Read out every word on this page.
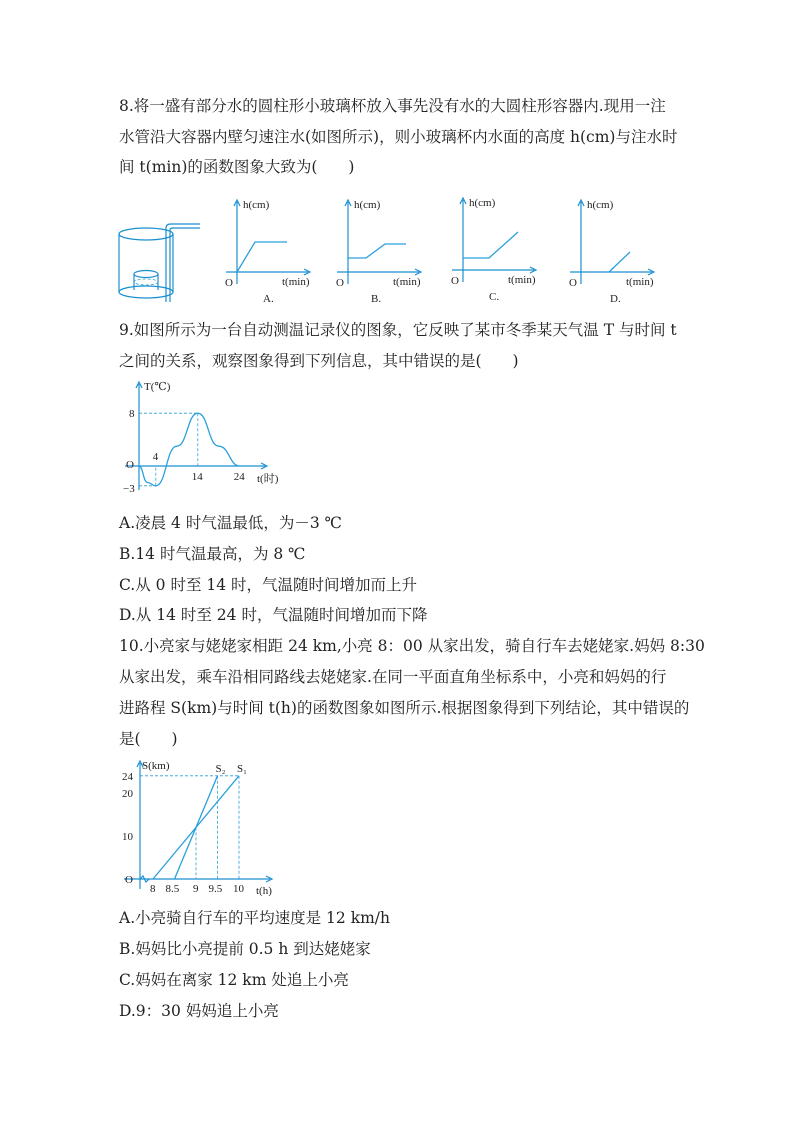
8.将一盛有部分水的圆柱形小玻璃杯放入事先没有水的大圆柱形容器内.现用一注
水管沿大容器内壁匀速注水(如图所示)，则小玻璃杯内水面的高度 h(cm)与注水时
间 t(min)的函数图象大致为(　　)
h(cm)
t(min)
O
A.
h(cm)
t(min)
O
B.
h(cm)
t(min)
O
C.
h(cm)
t(min)
O
D.
9.如图所示为一台自动测温记录仪的图象，它反映了某市冬季某天气温 T 与时间 t
之间的关系，观察图象得到下列信息，其中错误的是(　　)
T(℃)
t(时)
O
8
−3
4
14	24
A.凌晨 4 时气温最低，为－3 ℃
B.14 时气温最高，为 8 ℃
C.从 0 时至 14 时，气温随时间增加而上升
D.从 14 时至 24 时，气温随时间增加而下降
10.小亮家与姥姥家相距 24 km,小亮 8：00 从家出发，骑自行车去姥姥家.妈妈 8:30
从家出发，乘车沿相同路线去姥姥家.在同一平面直角坐标系中，小亮和妈妈的行
进路程 S(km)与时间 t(h)的函数图象如图所示.根据图象得到下列结论，其中错误的
是(　　)
S(km)
t(h)
O
S₁
S₂
10
20
24
8 8.5 9 9.5 10
A.小亮骑自行车的平均速度是 12 km/h
B.妈妈比小亮提前 0.5 h 到达姥姥家
C.妈妈在离家 12 km 处追上小亮
D.9：30 妈妈追上小亮
